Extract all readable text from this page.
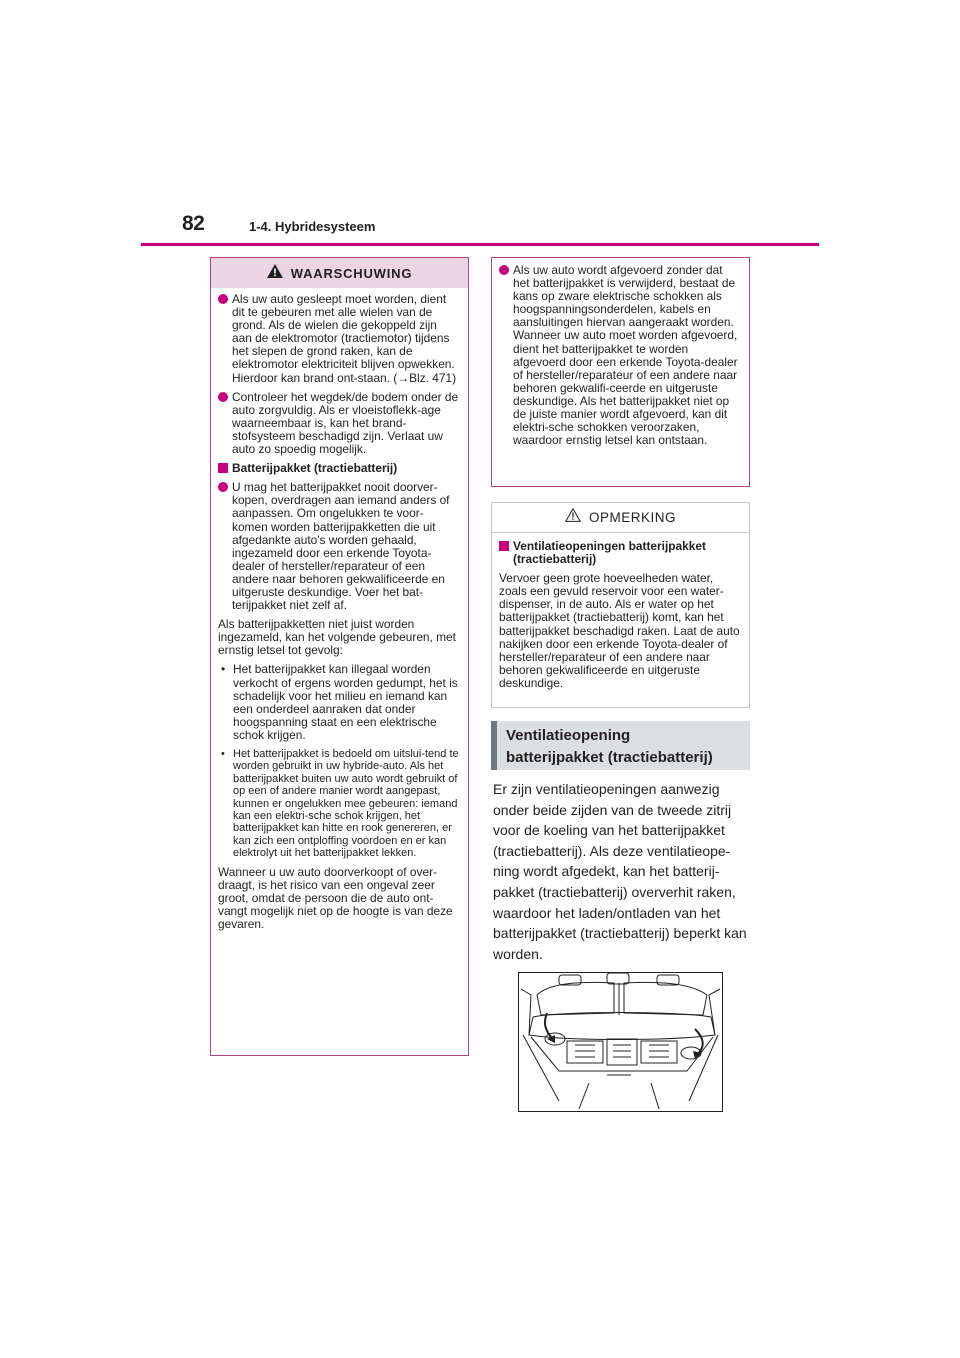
82	1-4. Hybridesysteem
WAARSCHUWING
Als uw auto gesleept moet worden, dient dit te gebeuren met alle wielen van de grond. Als de wielen die gekoppeld zijn aan de elektromotor (tractiemotor) tijdens het slepen de grond raken, kan de elektromotor elektriciteit blijven opwekken. Hierdoor kan brand ont-staan. (→Blz. 471)
Controleer het wegdek/de bodem onder de auto zorgvuldig. Als er vloeistoflekk-age waarneembaar is, kan het brand-stofsysteem beschadigd zijn. Verlaat uw auto zo spoedig mogelijk.
Batterijpakket (tractiebatterij)
U mag het batterijpakket nooit doorver-kopen, overdragen aan iemand anders of aanpassen. Om ongelukken te voor-komen worden batterijpakketten die uit afgedankte auto's worden gehaald, ingezameld door een erkende Toyota-dealer of hersteller/reparateur of een andere naar behoren gekwalificeerde en uitgeruste deskundige. Voer het bat-terijpakket niet zelf af.
Als batterijpakketten niet juist worden ingezameld, kan het volgende gebeuren, met ernstig letsel tot gevolg:
• Het batterijpakket kan illegaal worden verkocht of ergens worden gedumpt, het is schadelijk voor het milieu en iemand kan een onderdeel aanraken dat onder hoogspanning staat en een elektrische schok krijgen.
• Het batterijpakket is bedoeld om uitslui-tend te worden gebruikt in uw hybride-auto. Als het batterijpakket buiten uw auto wordt gebruikt of op een of andere manier wordt aangepast, kunnen er ongelukken mee gebeuren: iemand kan een elektri-sche schok krijgen, het batterijpakket kan hitte en rook genereren, er kan zich een ontploffing voordoen en er kan elektrolyt uit het batterijpakket lekken.
Wanneer u uw auto doorverkoopt of over-draagt, is het risico van een ongeval zeer groot, omdat de persoon die de auto ont-vangt mogelijk niet op de hoogte is van deze gevaren.
Als uw auto wordt afgevoerd zonder dat het batterijpakket is verwijderd, bestaat de kans op zware elektrische schokken als hoogspanningsonderdelen, kabels en aansluitingen hiervan aangeraakt worden. Wanneer uw auto moet worden afgevoerd, dient het batterijpakket te worden afgevoerd door een erkende Toyota-dealer of hersteller/reparateur of een andere naar behoren gekwalifi-ceerde en uitgeruste deskundige. Als het batterijpakket niet op de juiste manier wordt afgevoerd, kan dit elektri-sche schokken veroorzaken, waardoor ernstig letsel kan ontstaan.
OPMERKING
Ventilatieopeningen batterijpakket (tractiebatterij)
Vervoer geen grote hoeveelheden water, zoals een gevuld reservoir voor een water-dispenser, in de auto. Als er water op het batterijpakket (tractiebatterij) komt, kan het batterijpakket beschadigd raken. Laat de auto nakijken door een erkende Toyota-dealer of hersteller/reparateur of een andere naar behoren gekwalificeerde en uitgeruste deskundige.
Ventilatieopening
batterijpakket (tractiebatterij)
Er zijn ventilatieopeningen aanwezig onder beide zijden van de tweede zitrij voor de koeling van het batterijpakket (tractiebatterij). Als deze ventilatieope-ning wordt afgedekt, kan het batterij-pakket (tractiebatterij) oververhit raken, waardoor het laden/ontladen van het batterijpakket (tractiebatterij) beperkt kan worden.
